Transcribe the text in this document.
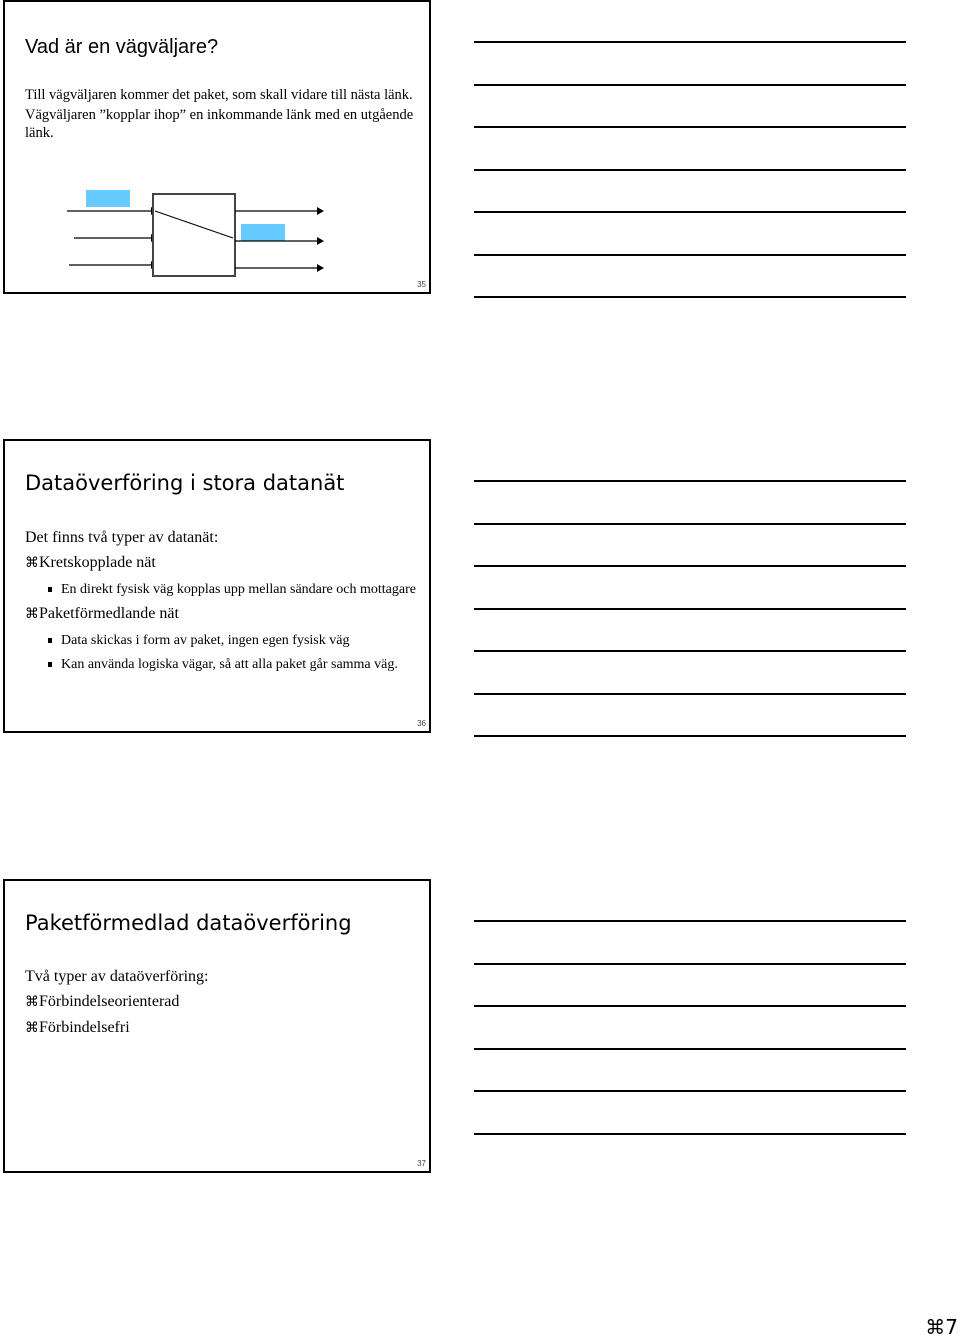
Vad är en vägväljare?

Till vägväljaren kommer det paket, som skall vidare till nästa länk.

Vägväljaren ”kopplar ihop” en inkommande länk med en utgående länk.

35
Dataöverföring i stora datanät

Det finns två typer av datanät:

⌘Kretskopplade nät

En direkt fysisk väg kopplas upp mellan sändare och mottagare

⌘Paketförmedlande nät

Data skickas i form av paket, ingen egen fysisk väg

Kan använda logiska vägar, så att alla paket går samma väg.

36
Paketförmedlad dataöverföring

Två typer av dataöverföring:

⌘Förbindelseorienterad

⌘Förbindelsefri

37
⌘7
